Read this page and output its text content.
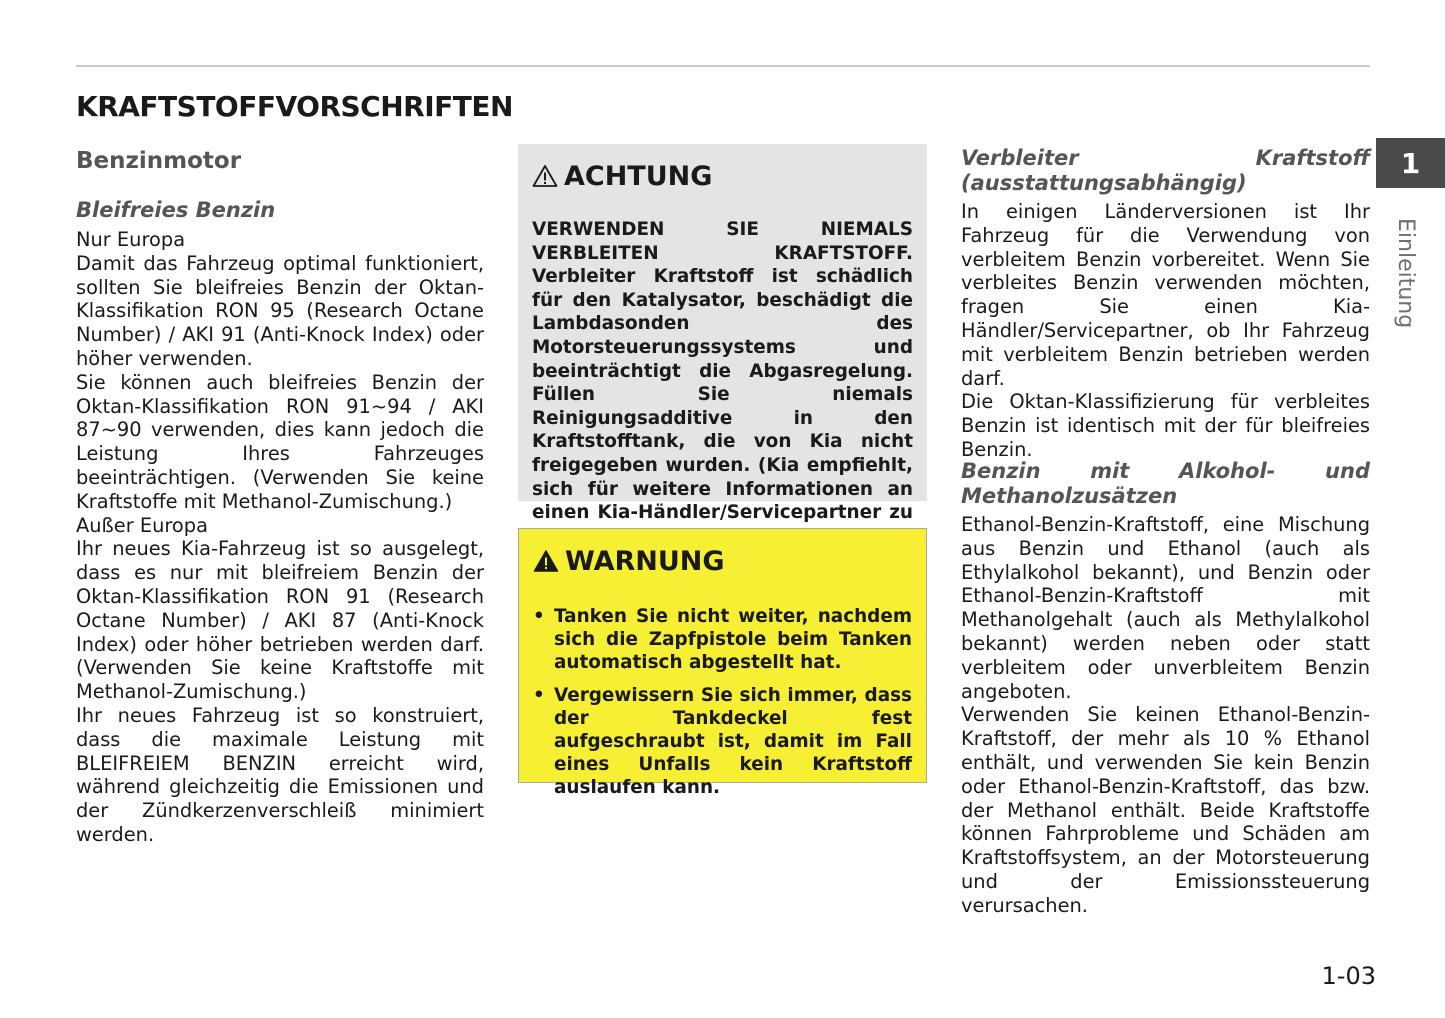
KRAFTSTOFFVORSCHRIFTEN
Benzinmotor
Bleifreies Benzin

Nur Europa

Damit das Fahrzeug optimal funktioniert, sollten Sie bleifreies Benzin der Oktan-Klassifikation RON 95 (Research Octane Number) / AKI 91 (Anti-Knock Index) oder höher verwenden.

Sie können auch bleifreies Benzin der Oktan-Klassifikation RON 91~94 / AKI 87~90 verwenden, dies kann jedoch die Leistung Ihres Fahrzeuges beeinträchtigen. (Verwenden Sie keine Kraftstoffe mit Methanol-Zumischung.)

Außer Europa

Ihr neues Kia-Fahrzeug ist so ausgelegt, dass es nur mit bleifreiem Benzin der Oktan-Klassifikation RON 91 (Research Octane Number) / AKI 87 (Anti-Knock Index) oder höher betrieben werden darf. (Verwenden Sie keine Kraftstoffe mit Methanol-Zumischung.)

Ihr neues Fahrzeug ist so konstruiert, dass die maximale Leistung mit BLEIFREIEM BENZIN erreicht wird, während gleichzeitig die Emissionen und der Zündkerzenverschleiß minimiert werden.

ACHTUNG

VERWENDEN SIE NIEMALS VERBLEITEN KRAFTSTOFF. Verbleiter Kraftstoff ist schädlich für den Katalysator, beschädigt die Lambdasonden des Motorsteuerungssystems und beeinträchtigt die Abgasregelung. Füllen Sie niemals Reinigungsadditive in den Kraftstofftank, die von Kia nicht freigegeben wurden. (Kia empfiehlt, sich für weitere Informationen an einen Kia-Händler/Servicepartner zu

WARNUNG
• Tanken Sie nicht weiter, nachdem sich die Zapfpistole beim Tanken automatisch abgestellt hat.
• Vergewissern Sie sich immer, dass der Tankdeckel fest aufgeschraubt ist, damit im Fall eines Unfalls kein Kraftstoff auslaufen kann.
Verbleiter Kraftstoff (ausstattungsabhängig)

In einigen Länderversionen ist Ihr Fahrzeug für die Verwendung von verbleitem Benzin vorbereitet. Wenn Sie verbleites Benzin verwenden möchten, fragen Sie einen Kia-Händler/Servicepartner, ob Ihr Fahrzeug mit verbleitem Benzin betrieben werden darf.

Die Oktan-Klassifizierung für verbleites Benzin ist identisch mit der für bleifreies Benzin.

Benzin mit Alkohol- und Methanolzusätzen

Ethanol-Benzin-Kraftstoff, eine Mischung aus Benzin und Ethanol (auch als Ethylalkohol bekannt), und Benzin oder Ethanol-Benzin-Kraftstoff mit Methanolgehalt (auch als Methylalkohol bekannt) werden neben oder statt verbleitem oder unverbleitem Benzin angeboten.

Verwenden Sie keinen Ethanol-Benzin-Kraftstoff, der mehr als 10 % Ethanol enthält, und verwenden Sie kein Benzin oder Ethanol-Benzin-Kraftstoff, das bzw. der Methanol enthält. Beide Kraftstoffe können Fahrprobleme und Schäden am Kraftstoffsystem, an der Motorsteuerung und der Emissionssteuerung verursachen.

1
Einleitung
1-03
